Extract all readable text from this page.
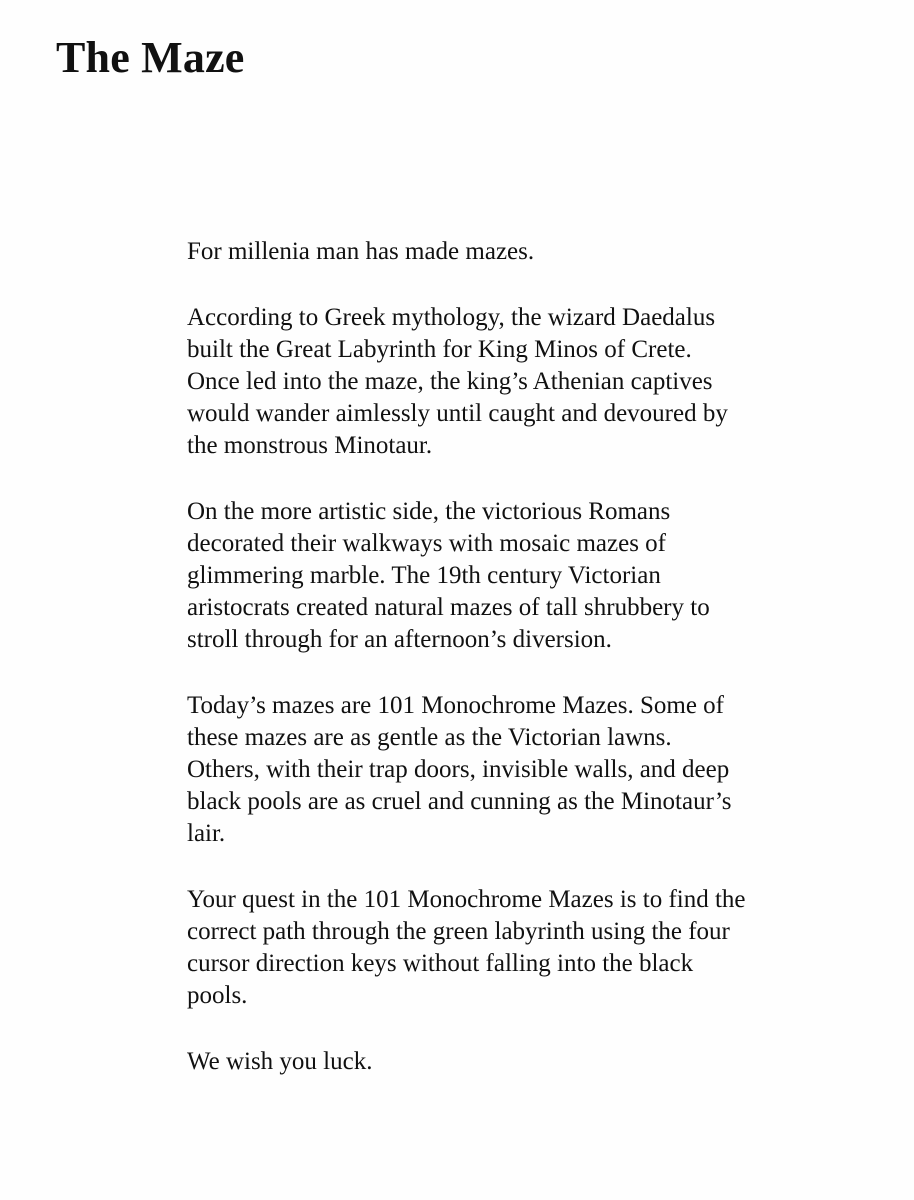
The Maze

For millenia man has made mazes.

According to Greek mythology, the wizard Daedalus
built the Great Labyrinth for King Minos of Crete.
Once led into the maze, the king’s Athenian captives
would wander aimlessly until caught and devoured by
the monstrous Minotaur.

On the more artistic side, the victorious Romans
decorated their walkways with mosaic mazes of
glimmering marble. The 19th century Victorian
aristocrats created natural mazes of tall shrubbery to
stroll through for an afternoon’s diversion.

Today’s mazes are 101 Monochrome Mazes. Some of
these mazes are as gentle as the Victorian lawns.
Others, with their trap doors, invisible walls, and deep
black pools are as cruel and cunning as the Minotaur’s
lair.

Your quest in the 101 Monochrome Mazes is to find the
correct path through the green labyrinth using the four
cursor direction keys without falling into the black
pools.

We wish you luck.
